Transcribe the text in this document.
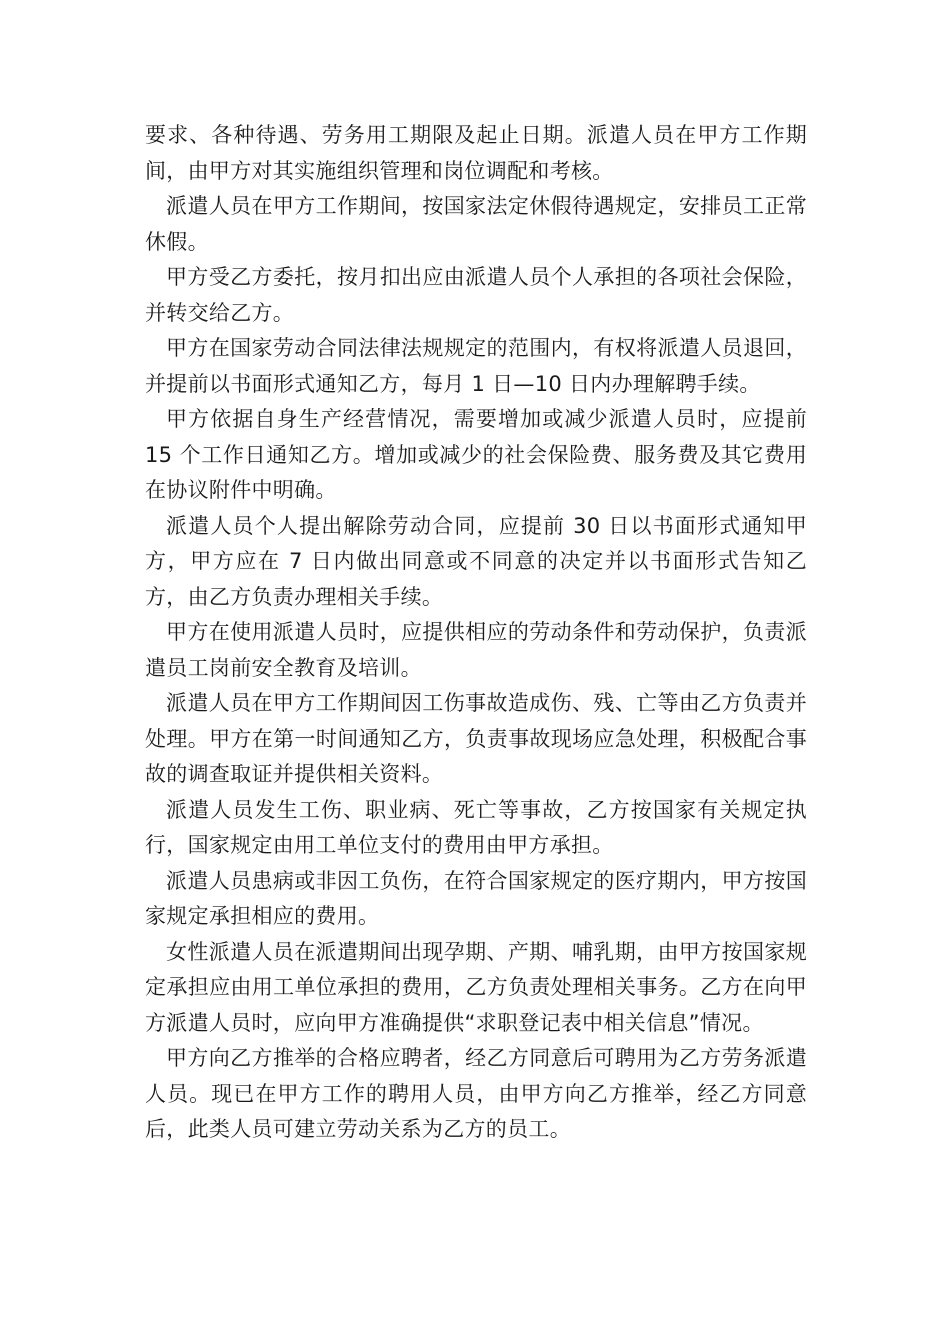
要求、各种待遇、劳务用工期限及起止日期。派遣人员在甲方工作期间，由甲方对其实施组织管理和岗位调配和考核。

派遣人员在甲方工作期间，按国家法定休假待遇规定，安排员工正常休假。

甲方受乙方委托，按月扣出应由派遣人员个人承担的各项社会保险，并转交给乙方。

甲方在国家劳动合同法律法规规定的范围内，有权将派遣人员退回，并提前以书面形式通知乙方，每月 1 日—10 日内办理解聘手续。

甲方依据自身生产经营情况，需要增加或减少派遣人员时，应提前 15 个工作日通知乙方。增加或减少的社会保险费、服务费及其它费用在协议附件中明确。

派遣人员个人提出解除劳动合同，应提前 30 日以书面形式通知甲方，甲方应在 7 日内做出同意或不同意的决定并以书面形式告知乙方，由乙方负责办理相关手续。

甲方在使用派遣人员时，应提供相应的劳动条件和劳动保护，负责派遣员工岗前安全教育及培训。

派遣人员在甲方工作期间因工伤事故造成伤、残、亡等由乙方负责并处理。甲方在第一时间通知乙方，负责事故现场应急处理，积极配合事故的调查取证并提供相关资料。

派遣人员发生工伤、职业病、死亡等事故，乙方按国家有关规定执行，国家规定由用工单位支付的费用由甲方承担。

派遣人员患病或非因工负伤，在符合国家规定的医疗期内，甲方按国家规定承担相应的费用。

女性派遣人员在派遣期间出现孕期、产期、哺乳期，由甲方按国家规定承担应由用工单位承担的费用，乙方负责处理相关事务。乙方在向甲方派遣人员时，应向甲方准确提供“求职登记表中相关信息”情况。

甲方向乙方推举的合格应聘者，经乙方同意后可聘用为乙方劳务派遣人员。现已在甲方工作的聘用人员，由甲方向乙方推举，经乙方同意后，此类人员可建立劳动关系为乙方的员工。
